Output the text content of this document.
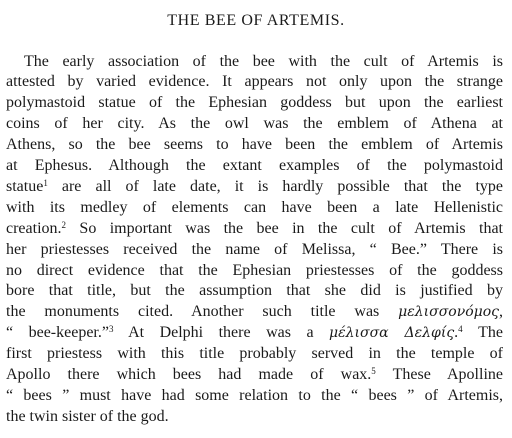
THE BEE OF ARTEMIS.
The early association of the bee with the cult of Artemis is
attested by varied evidence. It appears not only upon the strange
polymastoid statue of the Ephesian goddess but upon the earliest
coins of her city. As the owl was the emblem of Athena at
Athens, so the bee seems to have been the emblem of Artemis
at Ephesus. Although the extant examples of the polymastoid
statue$^1$ are all of late date, it is hardly possible that the type
with its medley of elements can have been a late Hellenistic
creation.$^2$ So important was the bee in the cult of Artemis that
her priestesses received the name of Melissa, “ Bee.” There is
no direct evidence that the Ephesian priestesses of the goddess
bore that title, but the assumption that she did is justified by
the monuments cited. Another such title was μελισσονόμος,
“ bee-keeper.”$^3$ At Delphi there was a μέλισσα Δελφίς.$^4$ The
first priestess with this title probably served in the temple of
Apollo there which bees had made of wax.$^5$ These Apolline
“ bees ” must have had some relation to the “ bees ” of Artemis,
the twin sister of the god.
